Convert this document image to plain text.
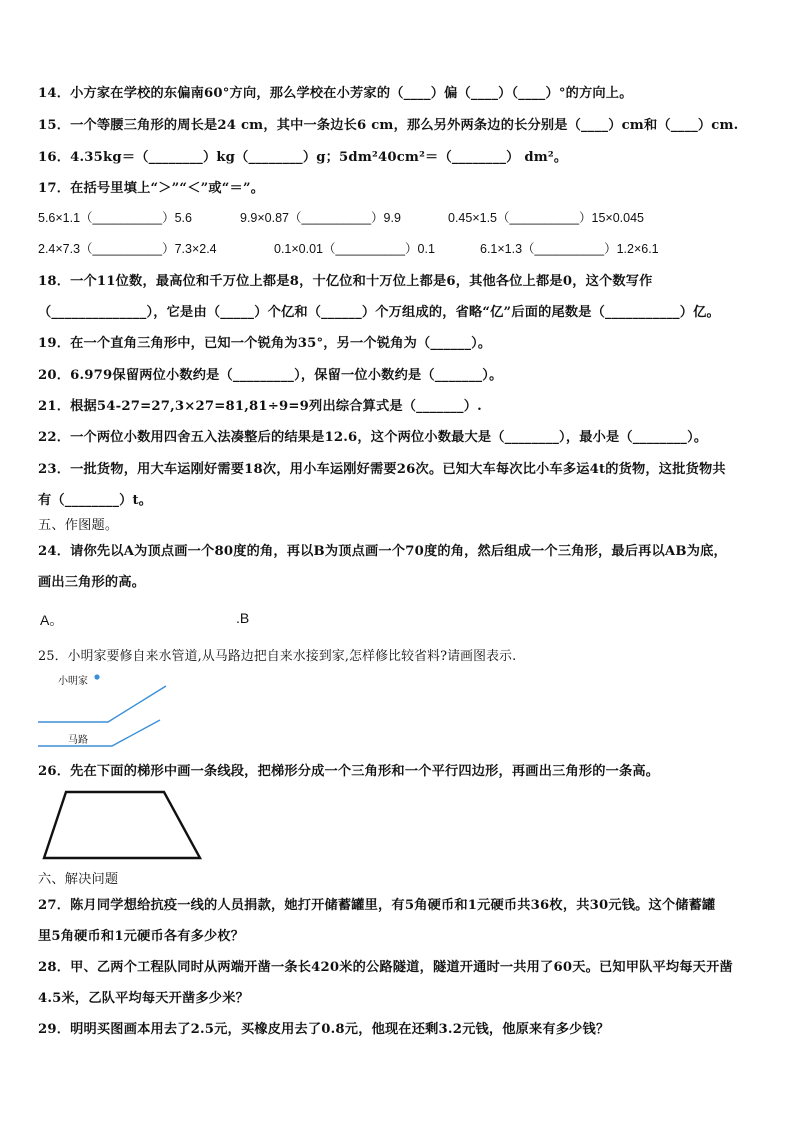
14．小方家在学校的东偏南60°方向，那么学校在小芳家的（____）偏（____）（____）°的方向上。
15．一个等腰三角形的周长是24 cm，其中一条边长6 cm，那么另外两条边的长分别是（____）cm和（____）cm.
16．4.35kg＝（________）kg（________）g；5dm²40cm²＝（________） dm²。
17．在括号里填上“＞”“＜”或“＝”。
5.6×1.1（__________）5.6	9.9×0.87（__________）9.9	0.45×1.5（__________）15×0.045
2.4×7.3（__________）7.3×2.4	0.1×0.01（__________）0.1	6.1×1.3（__________）1.2×6.1
18．一个11位数，最高位和千万位上都是8，十亿位和十万位上都是6，其他各位上都是0，这个数写作
（______________），它是由（_____）个亿和（______）个万组成的，省略“亿”后面的尾数是（___________）亿。
19．在一个直角三角形中，已知一个锐角为35°，另一个锐角为（______）。
20．6.979保留两位小数约是（_________），保留一位小数约是（_______）。
21．根据54-27=27,3×27=81,81÷9=9列出综合算式是（_______）.
22．一个两位小数用四舍五入法凑整后的结果是12.6，这个两位小数最大是（________），最小是（________）。
23．一批货物，用大车运刚好需要18次，用小车运刚好需要26次。已知大车每次比小车多运4t的货物，这批货物共
有（________）t。
五、作图题。
24．请你先以A为顶点画一个80度的角，再以B为顶点画一个70度的角，然后组成一个三角形，最后再以AB为底，
画出三角形的高。
A。	.B
25．小明家要修自来水管道,从马路边把自来水接到家,怎样修比较省料?请画图表示.
小明家
马路
26．先在下面的梯形中画一条线段，把梯形分成一个三角形和一个平行四边形，再画出三角形的一条高。
六、解决问题
27．陈月同学想给抗疫一线的人员捐款，她打开储蓄罐里，有5角硬币和1元硬币共36枚，共30元钱。这个储蓄罐
里5角硬币和1元硬币各有多少枚？
28．甲、乙两个工程队同时从两端开凿一条长420米的公路隧道，隧道开通时一共用了60天。已知甲队平均每天开凿
4.5米，乙队平均每天开凿多少米？
29．明明买图画本用去了2.5元，买橡皮用去了0.8元，他现在还剩3.2元钱，他原来有多少钱？
